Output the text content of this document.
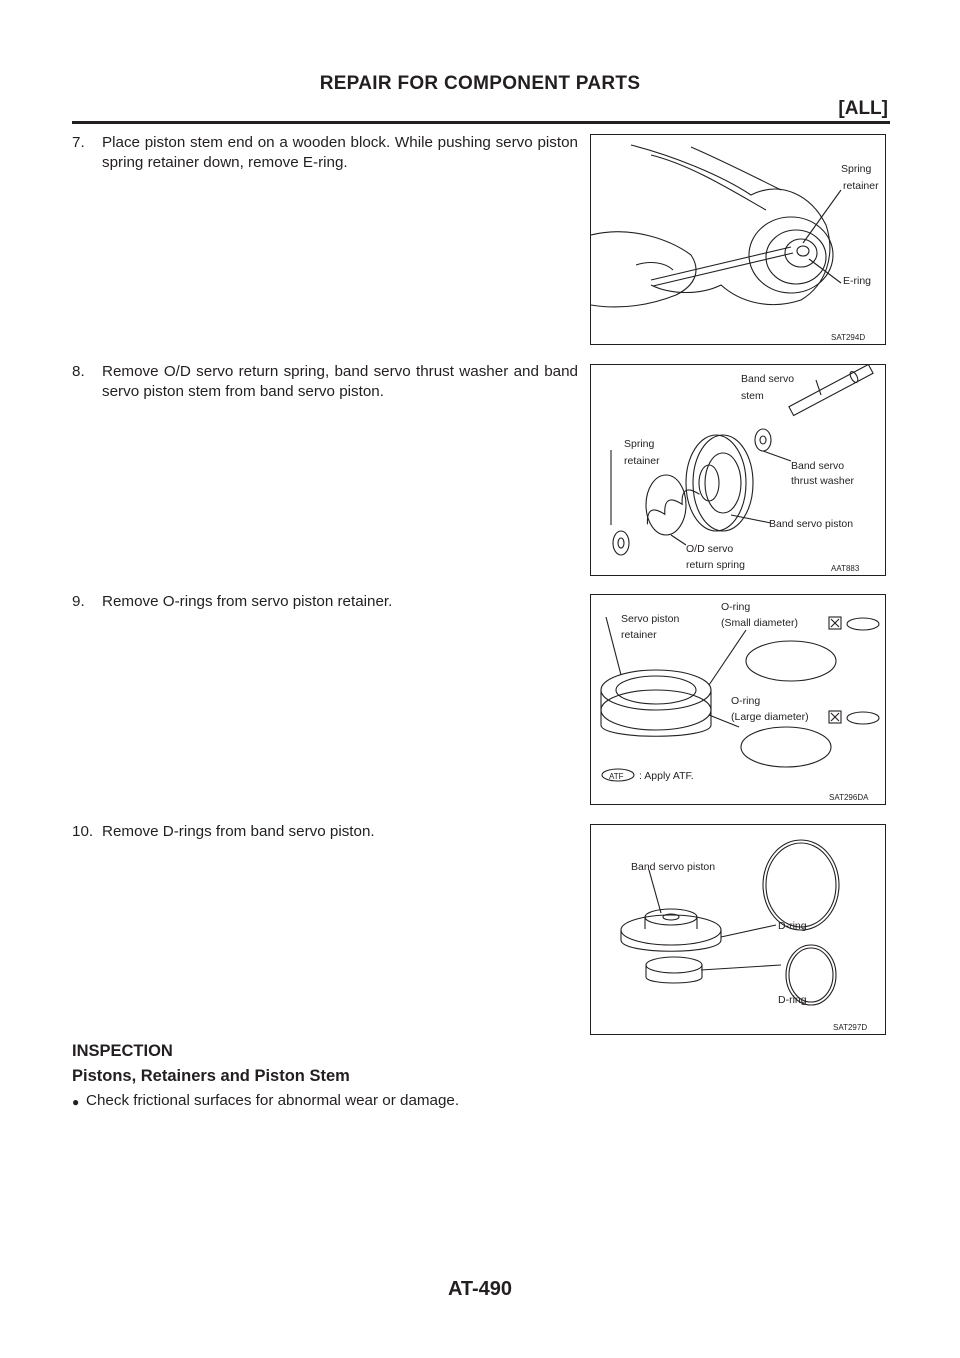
REPAIR FOR COMPONENT PARTS
[ALL]
7.	Place piston stem end on a wooden block. While pushing servo piston spring retainer down, remove E-ring.
8.	Remove O/D servo return spring, band servo thrust washer and band servo piston stem from band servo piston.
9.	Remove O-rings from servo piston retainer.
10. Remove D-rings from band servo piston.
Spring
retainer
E-ring
SAT294D
Band servo
stem
Spring
retainer	Band servo
thrust washer
Band servo piston
O/D servo
return spring	AAT883
Servo piston
retainer
O-ring
(Small diameter)
O-ring
(Large diameter)
ATF : Apply ATF.
SAT296DA
Band servo piston
D-ring
D-ring
SAT297D
INSPECTION
Pistons, Retainers and Piston Stem
● Check frictional surfaces for abnormal wear or damage.
AT-490
